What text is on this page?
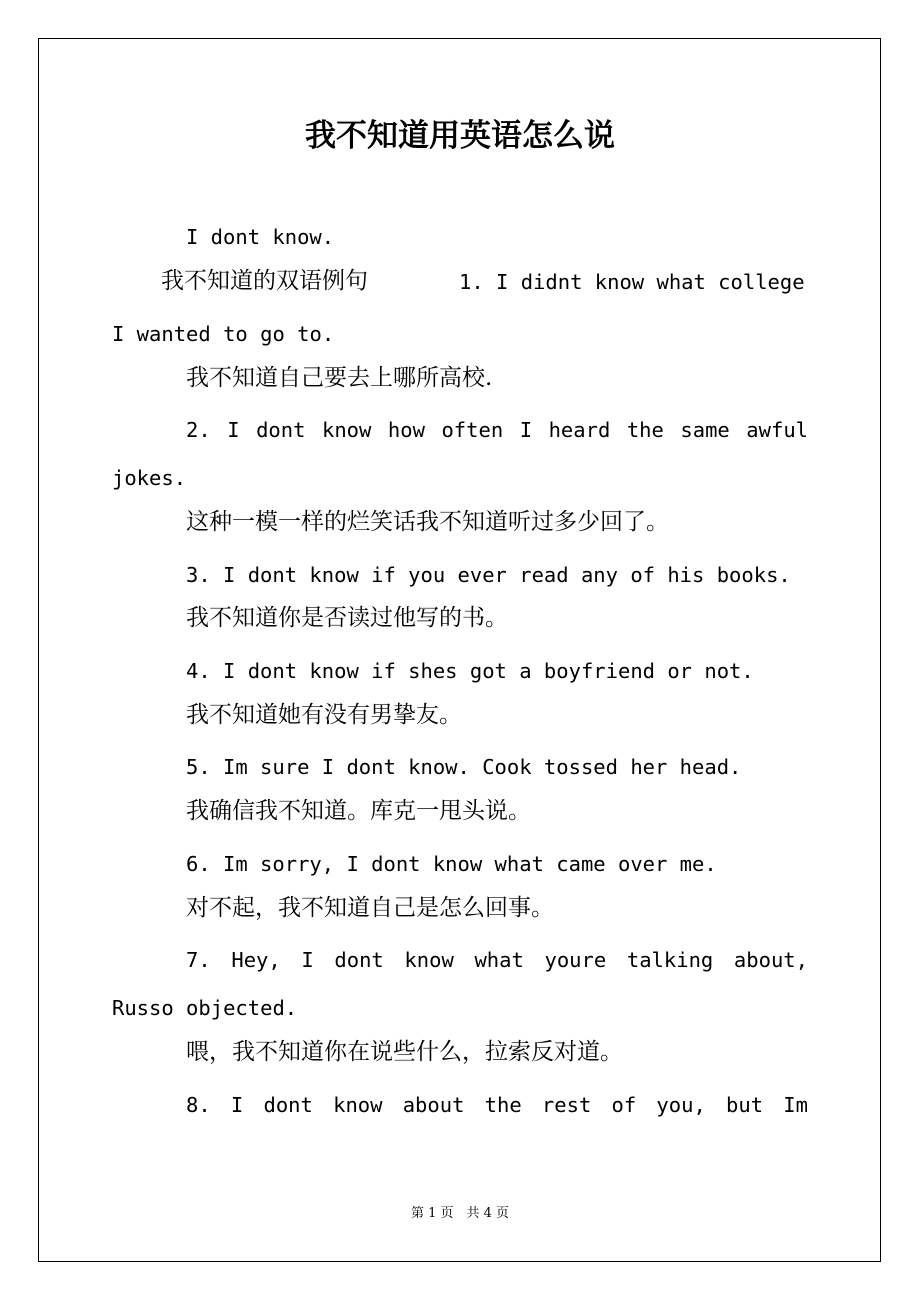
我不知道用英语怎么说
I dont know.
我不知道的双语例句	1. I didnt know what college
I wanted to go to.
我不知道自己要去上哪所高校.
2. I dont know how often I heard the same awful
jokes.
这种一模一样的烂笑话我不知道听过多少回了。
3. I dont know if you ever read any of his books.
我不知道你是否读过他写的书。
4. I dont know if shes got a boyfriend or not.
我不知道她有没有男挚友。
5. Im sure I dont know. Cook tossed her head.
我确信我不知道。库克一甩头说。
6. Im sorry, I dont know what came over me.
对不起，我不知道自己是怎么回事。
7. Hey, I dont know what youre talking about,
Russo objected.
喂，我不知道你在说些什么，拉索反对道。
8. I dont know about the rest of you, but Im
第 1 页　共 4 页
